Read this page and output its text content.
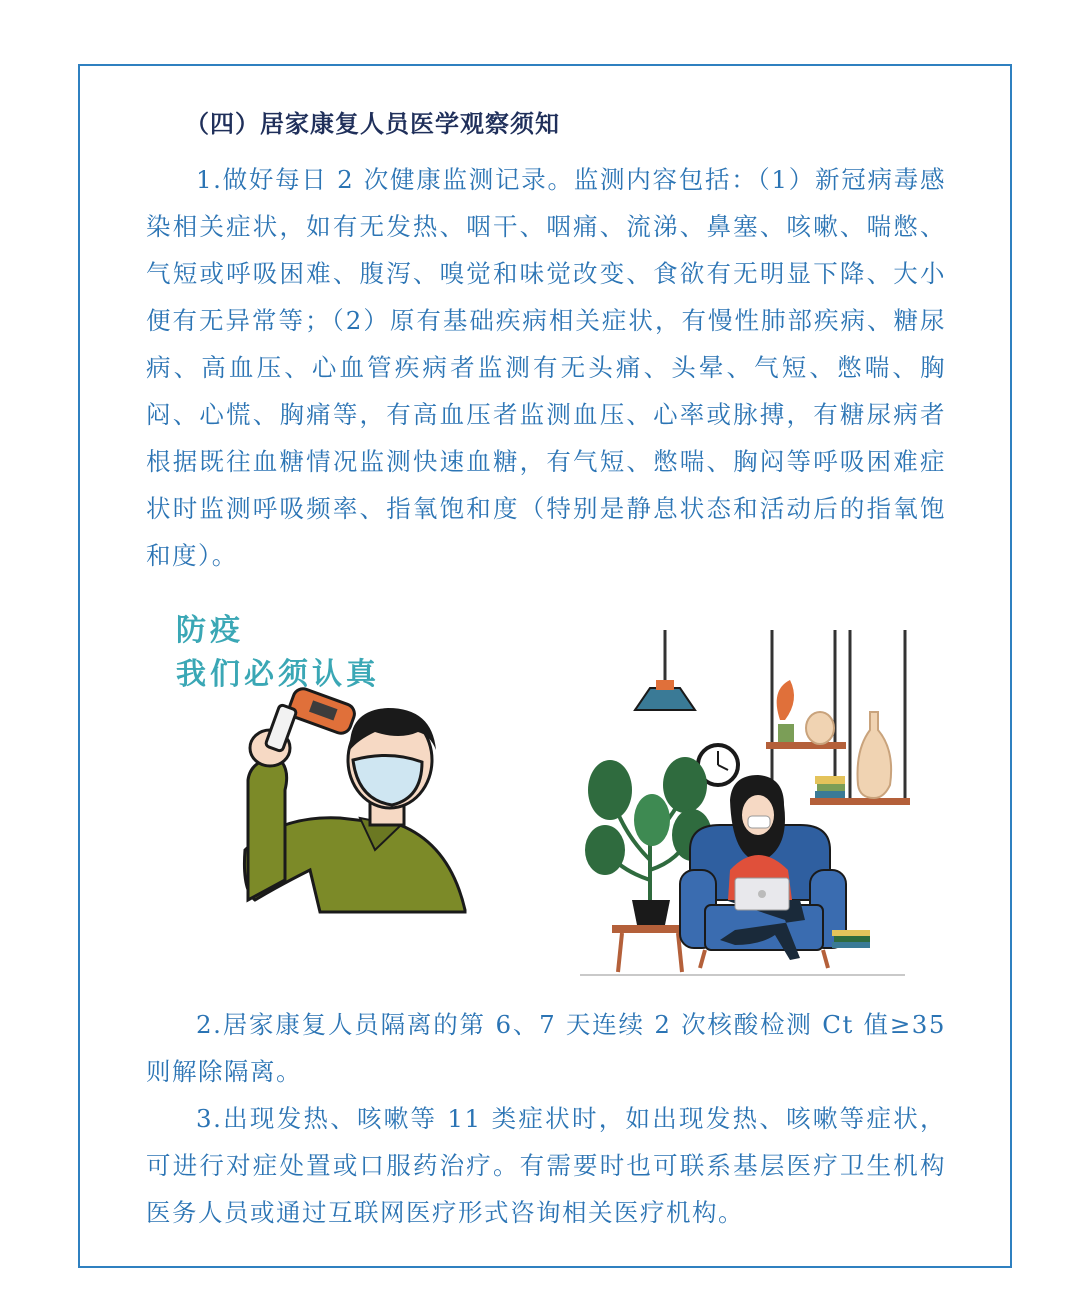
（四）居家康复人员医学观察须知

1.做好每日 2 次健康监测记录。监测内容包括：（1）新冠病毒感染相关症状，如有无发热、咽干、咽痛、流涕、鼻塞、咳嗽、喘憋、气短或呼吸困难、腹泻、嗅觉和味觉改变、食欲有无明显下降、大小便有无异常等；（2）原有基础疾病相关症状，有慢性肺部疾病、糖尿病、高血压、心血管疾病者监测有无头痛、头晕、气短、憋喘、胸闷、心慌、胸痛等，有高血压者监测血压、心率或脉搏，有糖尿病者根据既往血糖情况监测快速血糖，有气短、憋喘、胸闷等呼吸困难症状时监测呼吸频率、指氧饱和度（特别是静息状态和活动后的指氧饱和度）。

防疫
我们必须认真

2.居家康复人员隔离的第 6、7 天连续 2 次核酸检测 Ct 值≥35 则解除隔离。

3.出现发热、咳嗽等 11 类症状时，如出现发热、咳嗽等症状，可进行对症处置或口服药治疗。有需要时也可联系基层医疗卫生机构医务人员或通过互联网医疗形式咨询相关医疗机构。
